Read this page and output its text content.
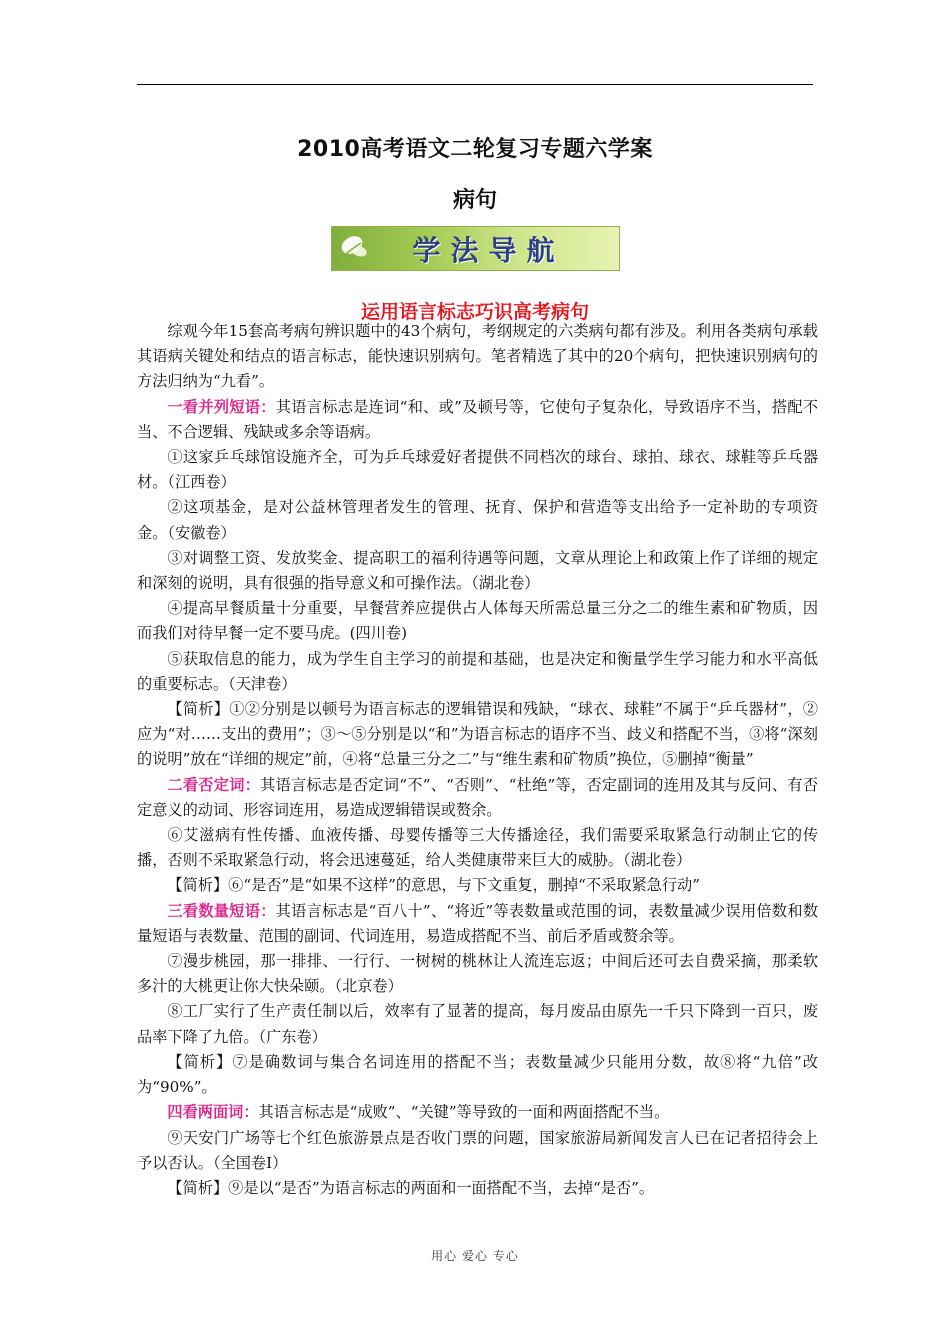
2010高考语文二轮复习专题六学案
病句
学法导航
运用语言标志巧识高考病句

综观今年15套高考病句辨识题中的43个病句，考纲规定的六类病句都有涉及。利用各类病句承载其语病关键处和结点的语言标志，能快速识别病句。笔者精选了其中的20个病句，把快速识别病句的方法归纳为“九看”。

一看并列短语：其语言标志是连词“和、或”及顿号等，它使句子复杂化，导致语序不当，搭配不当、不合逻辑、残缺或多余等语病。

①这家乒乓球馆设施齐全，可为乒乓球爱好者提供不同档次的球台、球拍、球衣、球鞋等乒乓器材。（江西卷）

②这项基金，是对公益林管理者发生的管理、抚育、保护和营造等支出给予一定补助的专项资金。（安徽卷）

③对调整工资、发放奖金、提高职工的福利待遇等问题，文章从理论上和政策上作了详细的规定和深刻的说明，具有很强的指导意义和可操作法。（湖北卷）

④提高早餐质量十分重要，早餐营养应提供占人体每天所需总量三分之二的维生素和矿物质，因而我们对待早餐一定不要马虎。(四川卷)

⑤获取信息的能力，成为学生自主学习的前提和基础，也是决定和衡量学生学习能力和水平高低的重要标志。（天津卷）

【简析】①②分别是以顿号为语言标志的逻辑错误和残缺，“球衣、球鞋”不属于“乒乓器材”，②应为“对……支出的费用”；③～⑤分别是以“和”为语言标志的语序不当、歧义和搭配不当，③将“深刻的说明”放在“详细的规定”前，④将“总量三分之二”与“维生素和矿物质”换位，⑤删掉“衡量”

二看否定词：其语言标志是否定词“不”、“否则”、“杜绝”等，否定副词的连用及其与反问、有否定意义的动词、形容词连用，易造成逻辑错误或赘余。

⑥艾滋病有性传播、血液传播、母婴传播等三大传播途径，我们需要采取紧急行动制止它的传播，否则不采取紧急行动，将会迅速蔓延，给人类健康带来巨大的威胁。（湖北卷）

【简析】⑥“是否”是“如果不这样”的意思，与下文重复，删掉“不采取紧急行动”

三看数量短语：其语言标志是“百八十”、“将近”等表数量或范围的词，表数量减少误用倍数和数量短语与表数量、范围的副词、代词连用，易造成搭配不当、前后矛盾或赘余等。

⑦漫步桃园，那一排排、一行行、一树树的桃林让人流连忘返；中间后还可去自费采摘，那柔软多汁的大桃更让你大快朵颐。（北京卷）

⑧工厂实行了生产责任制以后，效率有了显著的提高，每月废品由原先一千只下降到一百只，废品率下降了九倍。（广东卷）

【简析】⑦是确数词与集合名词连用的搭配不当；表数量减少只能用分数，故⑧将“九倍”改为“90%”。

四看两面词：其语言标志是“成败”、“关键”等导致的一面和两面搭配不当。

⑨天安门广场等七个红色旅游景点是否收门票的问题，国家旅游局新闻发言人已在记者招待会上予以否认。（全国卷Ⅰ）

【简析】⑨是以“是否”为语言标志的两面和一面搭配不当，去掉“是否”。

用心 爱心 专心
